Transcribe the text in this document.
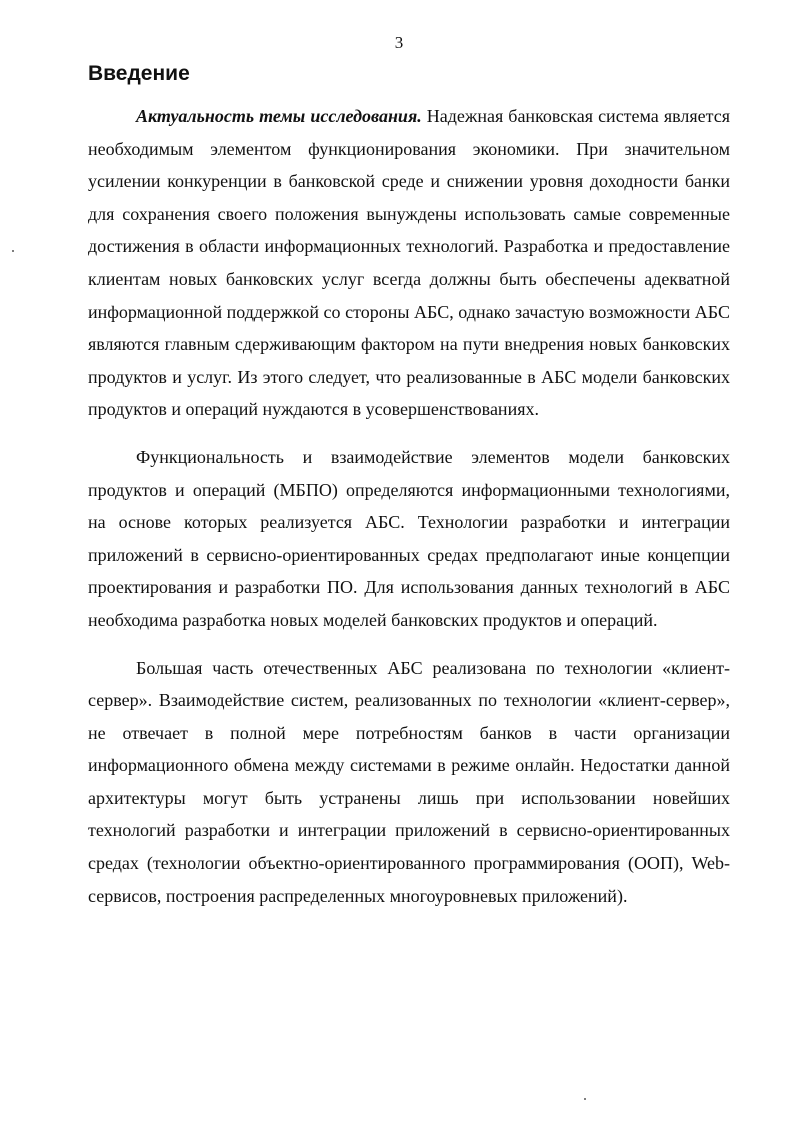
3
Введение

Актуальность темы исследования. Надежная банковская система является необходимым элементом функционирования экономики. При значительном усилении конкуренции в банковской среде и снижении уровня доходности банки для сохранения своего положения вынуждены использовать самые современные достижения в области информационных технологий. Разработка и предоставление клиентам новых банковских услуг всегда должны быть обеспечены адекватной информационной поддержкой со стороны АБС, однако зачастую возможности АБС являются главным сдерживающим фактором на пути внедрения новых банковских продуктов и услуг. Из этого следует, что реализованные в АБС модели банковских продуктов и операций нуждаются в усовершенствованиях.

Функциональность и взаимодействие элементов модели банковских продуктов и операций (МБПО) определяются информационными технологиями, на основе которых реализуется АБС. Технологии разработки и интеграции приложений в сервисно-ориентированных средах предполагают иные концепции проектирования и разработки ПО. Для использования данных технологий в АБС необходима разработка новых моделей банковских продуктов и операций.

Большая часть отечественных АБС реализована по технологии «клиент-сервер». Взаимодействие систем, реализованных по технологии «клиент-сервер», не отвечает в полной мере потребностям банков в части организации информационного обмена между системами в режиме онлайн. Недостатки данной архитектуры могут быть устранены лишь при использовании новейших технологий разработки и интеграции приложений в сервисно-ориентированных средах (технологии объектно-ориентированного программирования (ООП), Web-сервисов, построения распределенных многоуровневых приложений).
